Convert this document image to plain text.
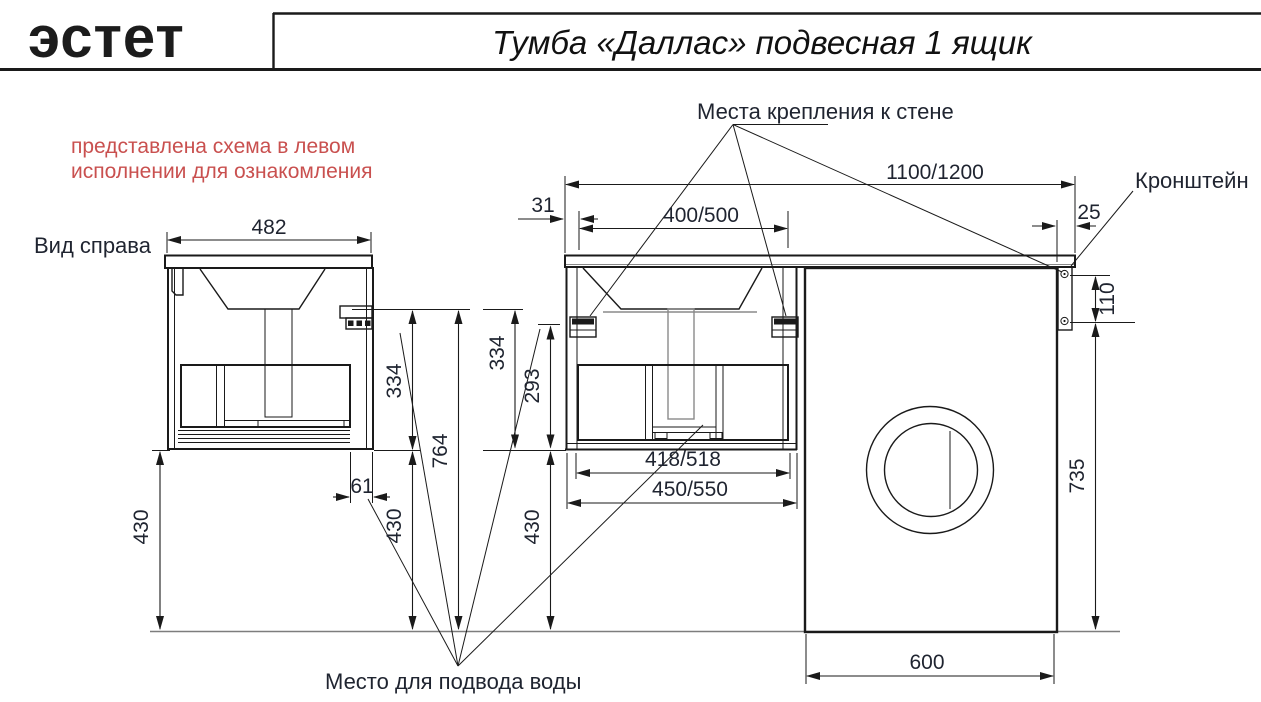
эстет	Тумба «Даллас» подвесная 1 ящик
представлена схема в левом
исполнении для ознакомления
Вид справа
Места крепления к стене
Кронштейн
Место для подвода воды
482
1100/1200
31	400/500	25
110
735
600
334
430
764
430
334
293
430
61
418/518
450/550
